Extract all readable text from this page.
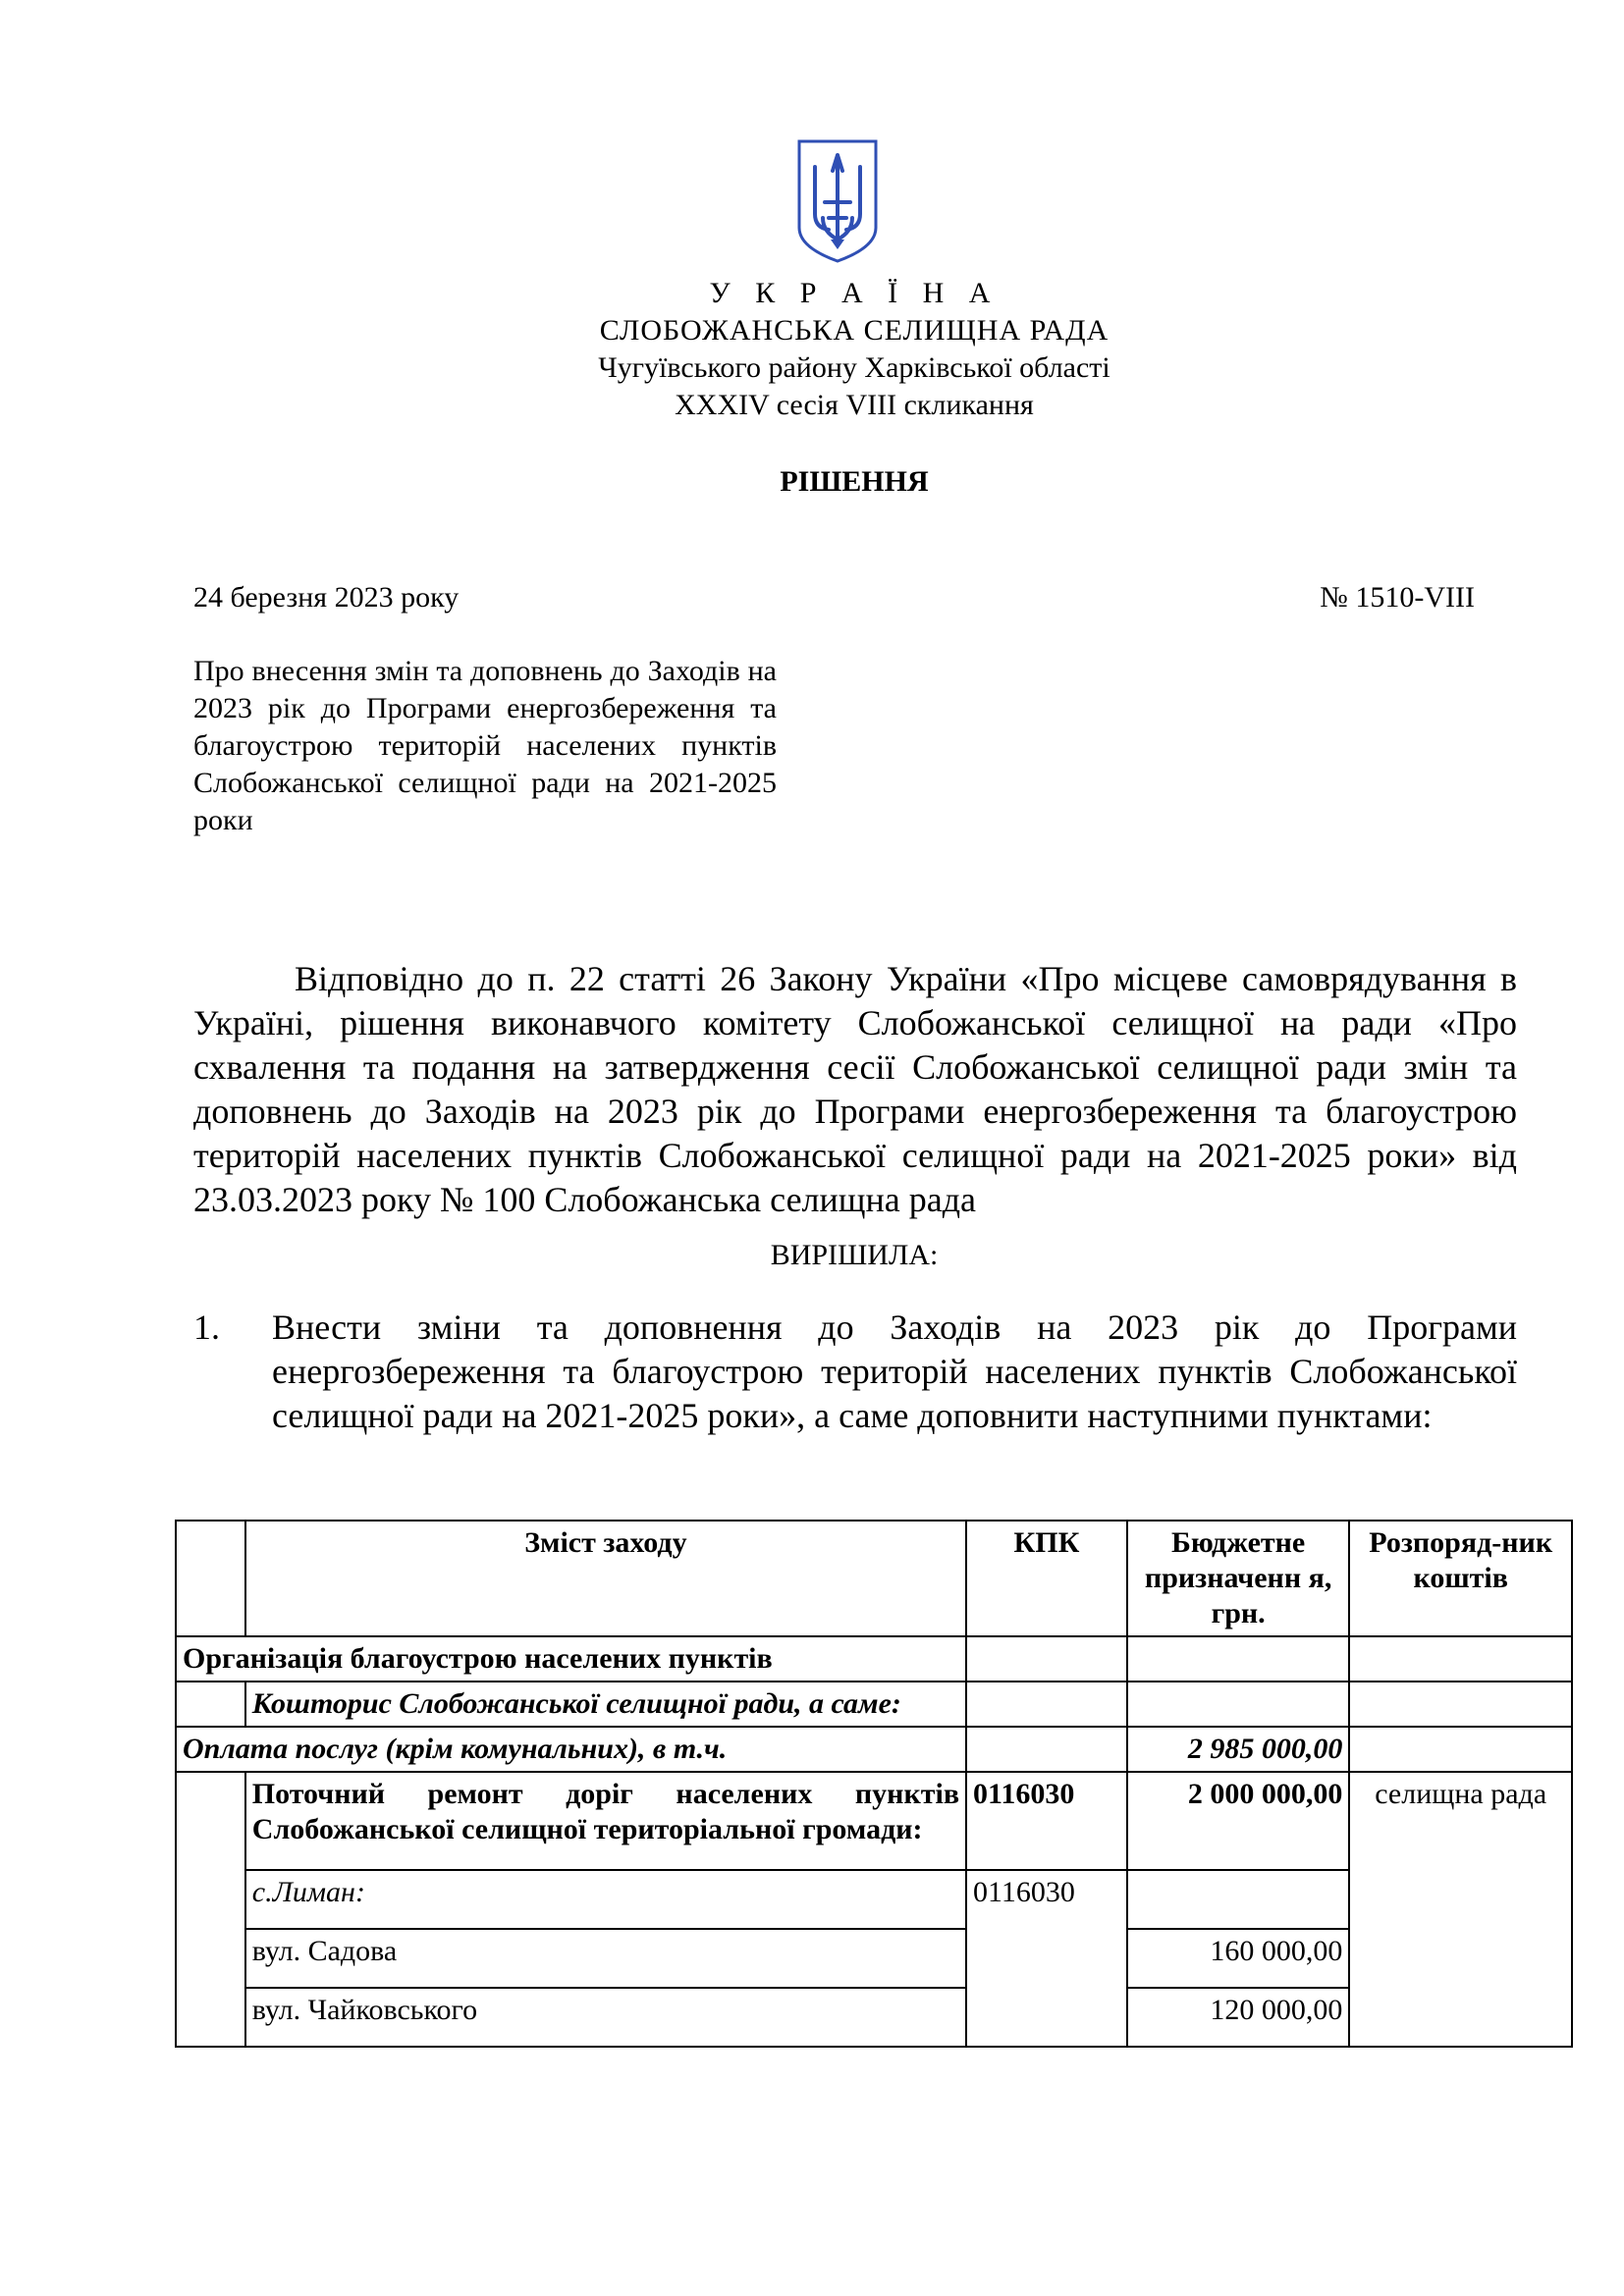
У К Р А Ї Н А
СЛОБОЖАНСЬКА СЕЛИЩНА РАДА
Чугуївського району Харківської області
XXXIV сесія VIII скликання
РІШЕННЯ
24 березня 2023 року	№ 1510-VIII
Про внесення змін та доповнень до Заходів на 2023 рік до Програми енергозбереження та благоустрою територій населених пунктів Слобожанської селищної ради на 2021-2025 роки
Відповідно до п. 22 статті 26 Закону України «Про місцеве самоврядування в Україні, рішення виконавчого комітету Слобожанської селищної на ради «Про схвалення та подання на затвердження сесії Слобожанської селищної ради змін та доповнень до Заходів на 2023 рік до Програми енергозбереження та благоустрою територій населених пунктів Слобожанської селищної ради на 2021-2025 роки» від 23.03.2023 року № 100 Слобожанська селищна рада
ВИРІШИЛА:
1. Внести зміни та доповнення до Заходів на 2023 рік до Програми енергозбереження та благоустрою територій населених пунктів Слобожанської селищної ради на 2021-2025 роки», а саме доповнити наступними пунктами:
	Зміст заходу	КПК	Бюджетне призначенн я, грн.	Розпоряд-ник коштів
Організація благоустрою населених пунктів				
	Кошторис Слобожанської селищної ради, а саме:			
Оплата послуг (крім комунальних), в т.ч.			2 985 000,00	
	Поточний ремонт доріг населених пунктів Слобожанської селищної територіальної громади:	0116030	2 000 000,00	селищна рада
	с.Лиман:	0116030		
	вул. Садова		160 000,00	
	вул. Чайковського		120 000,00	
